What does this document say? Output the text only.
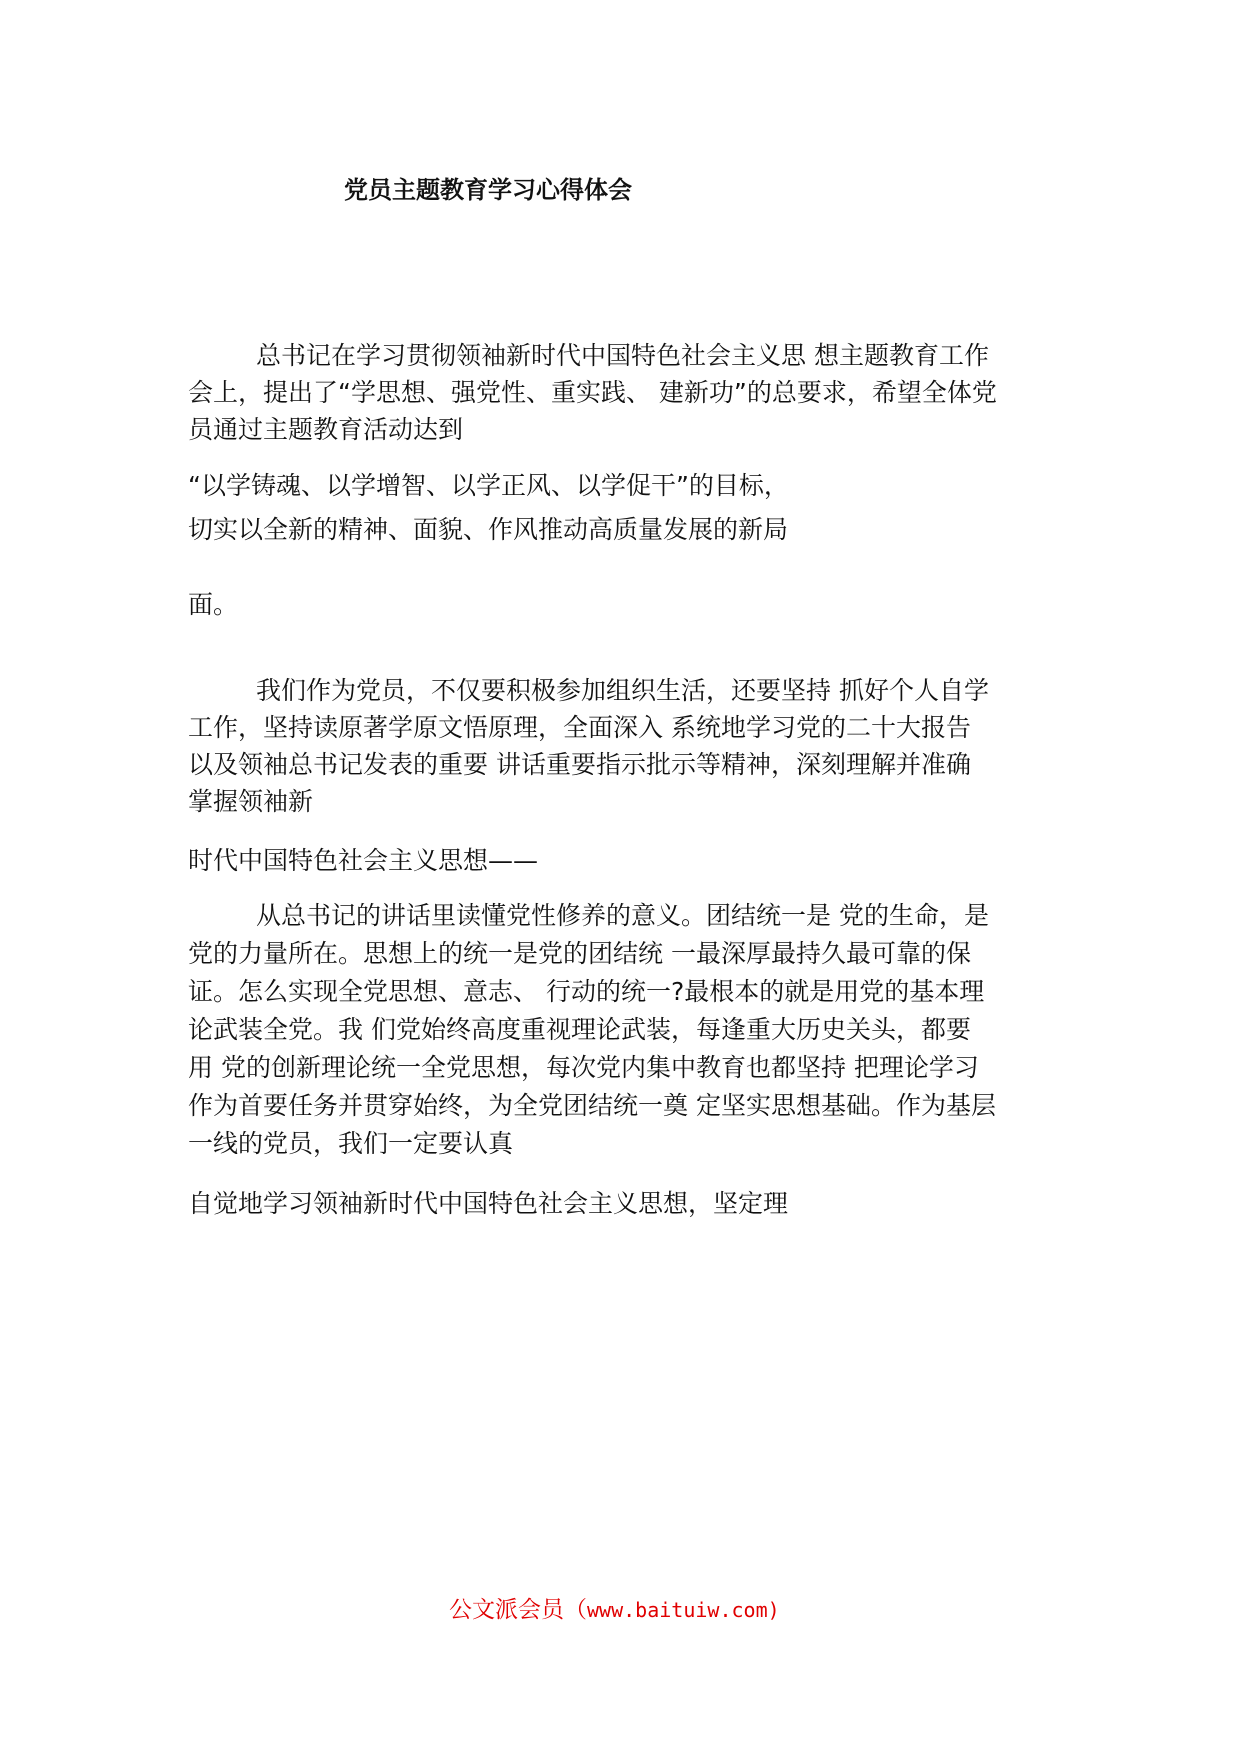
党员主题教育学习心得体会
总书记在学习贯彻领袖新时代中国特色社会主义思 想主题教育工作
会上，提出了“学思想、强党性、重实践、 建新功”的总要求，希望全体党
员通过主题教育活动达到
“以学铸魂、以学增智、以学正风、以学促干”的目标，
切实以全新的精神、面貌、作风推动高质量发展的新局
面。
我们作为党员，不仅要积极参加组织生活，还要坚持 抓好个人自学
工作，坚持读原著学原文悟原理，全面深入 系统地学习党的二十大报告
以及领袖总书记发表的重要 讲话重要指示批示等精神，深刻理解并准确
掌握领袖新
时代中国特色社会主义思想——
从总书记的讲话里读懂党性修养的意义。团结统一是 党的生命，是
党的力量所在。思想上的统一是党的团结统 一最深厚最持久最可靠的保
证。怎么实现全党思想、意志、 行动的统一?最根本的就是用党的基本理
论武装全党。我 们党始终高度重视理论武装，每逢重大历史关头，都要
用 党的创新理论统一全党思想，每次党内集中教育也都坚持 把理论学习
作为首要任务并贯穿始终，为全党团结统一奠 定坚实思想基础。作为基层
一线的党员，我们一定要认真
自觉地学习领袖新时代中国特色社会主义思想，坚定理
公文派会员（www.baituiw.com)
